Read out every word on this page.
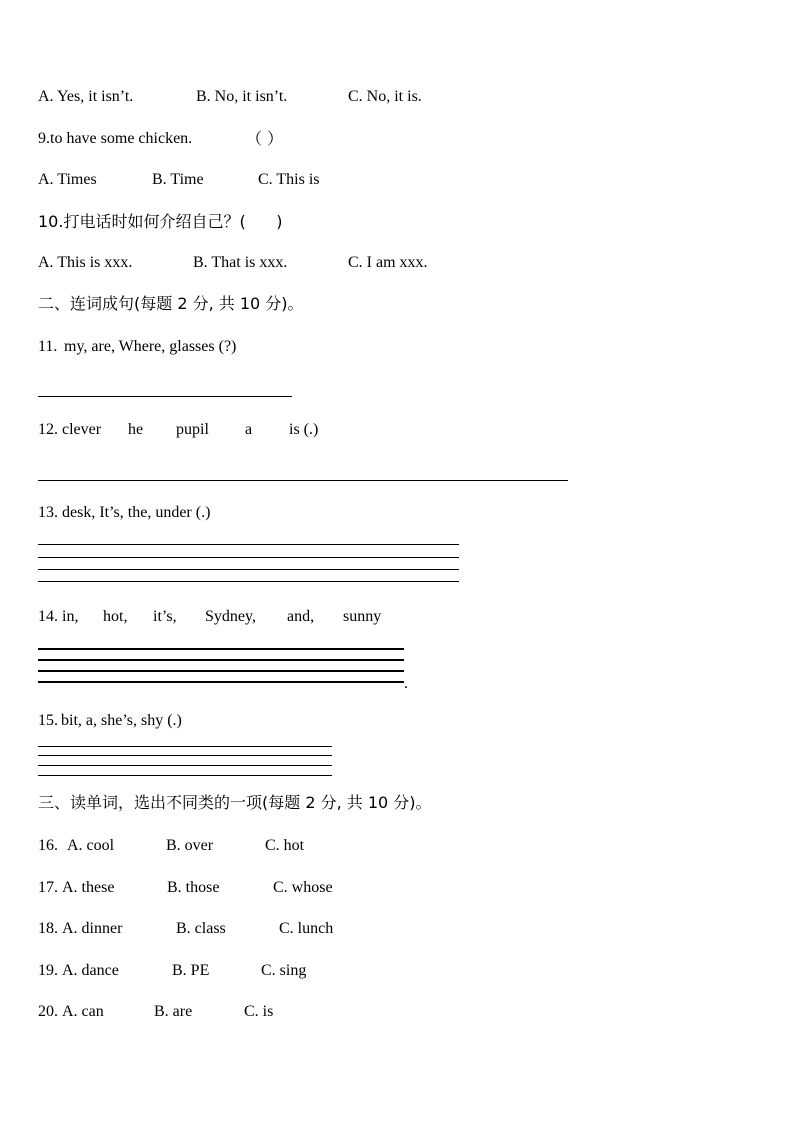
A. Yes, it isn’t.

	B. No, it isn’t.

	C. No, it is.

9.to have some chicken.

	（ ）

A. Times

	B. Time

	C. This is

10.打电话时如何介绍自己？(      )

A. This is xxx.

	B. That is xxx.

	C. I am xxx.

二、连词成句(每题 2 分, 共 10 分)。

11.

my, are, Where, glasses (?)

12.

clever

he

pupil

a

is (.)

13.

desk, It’s, the, under (.)

14.

in,

hot,

it’s,

Sydney,

and,

sunny

.

15.

bit, a, she’s, shy (.)

三、读单词，选出不同类的一项(每题 2 分, 共 10 分)。

16.

A. cool

	B. over

	C. hot

17.

A. these

	B. those

	C. whose

18.

A. dinner

	B. class

	C. lunch

19.

A. dance

	B. PE

	C. sing

20.

A. can

	B. are

	C. is
